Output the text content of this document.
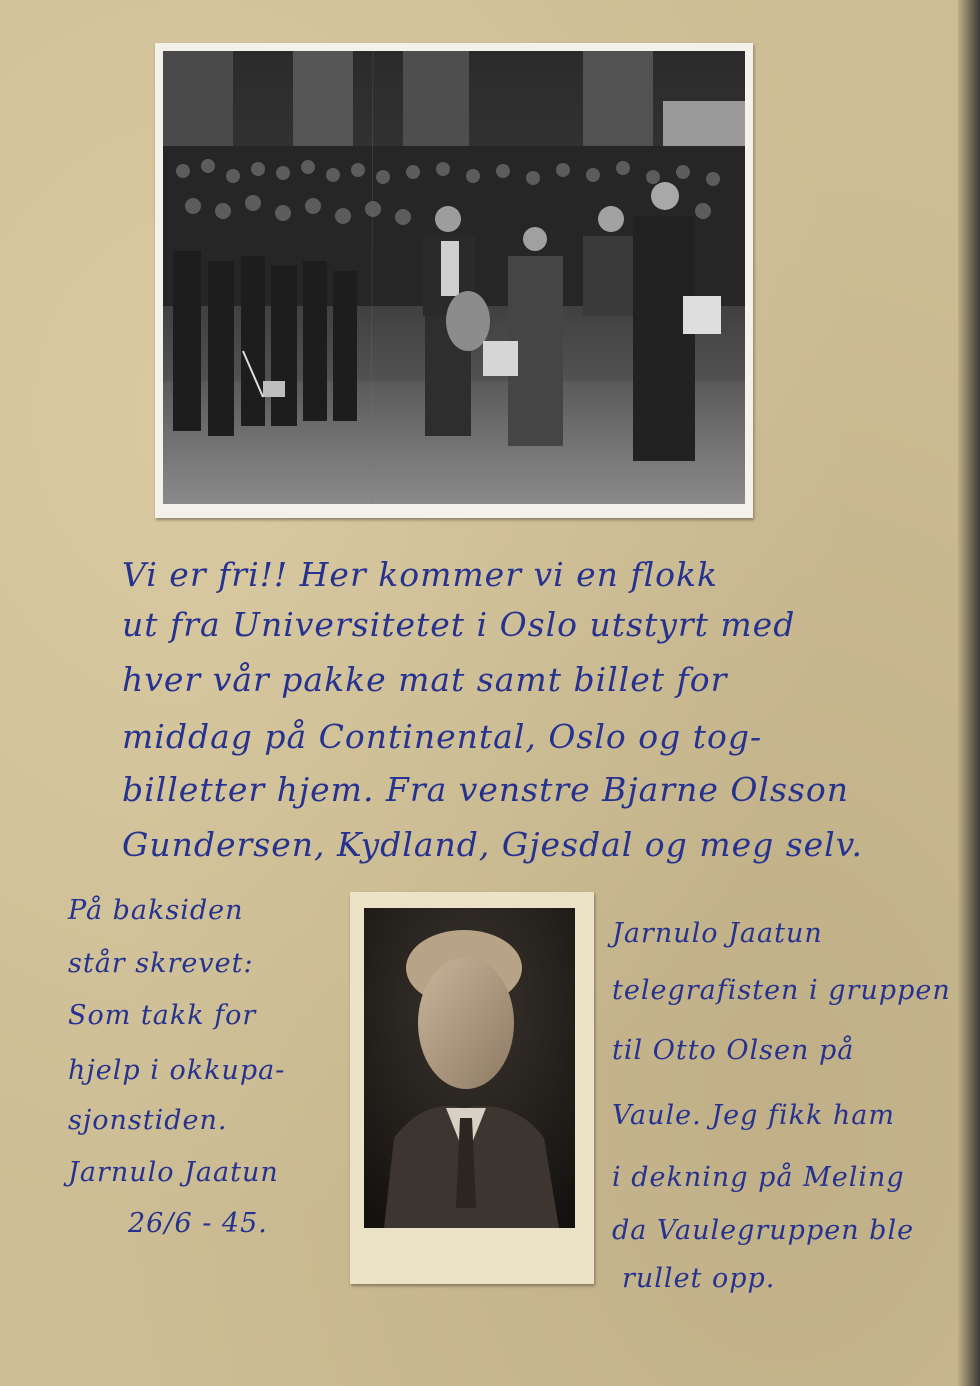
Vi er fri!! Her kommer vi en flokk
ut fra Universitetet i Oslo utstyrt med
hver vår pakke mat samt billet for
middag på Continental, Oslo og tog-
billetter hjem. Fra venstre Bjarne Olsson
Gundersen, Kydland, Gjesdal og meg selv.
På baksiden
står skrevet:
Som takk for
hjelp i okkupa-
sjonstiden.
Jarnulo Jaatun
26/6 - 45.
Jarnulo Jaatun
telegrafisten i gruppen
til Otto Olsen på
Vaule. Jeg fikk ham
i dekning på Meling
da Vaulegruppen ble
rullet opp.
